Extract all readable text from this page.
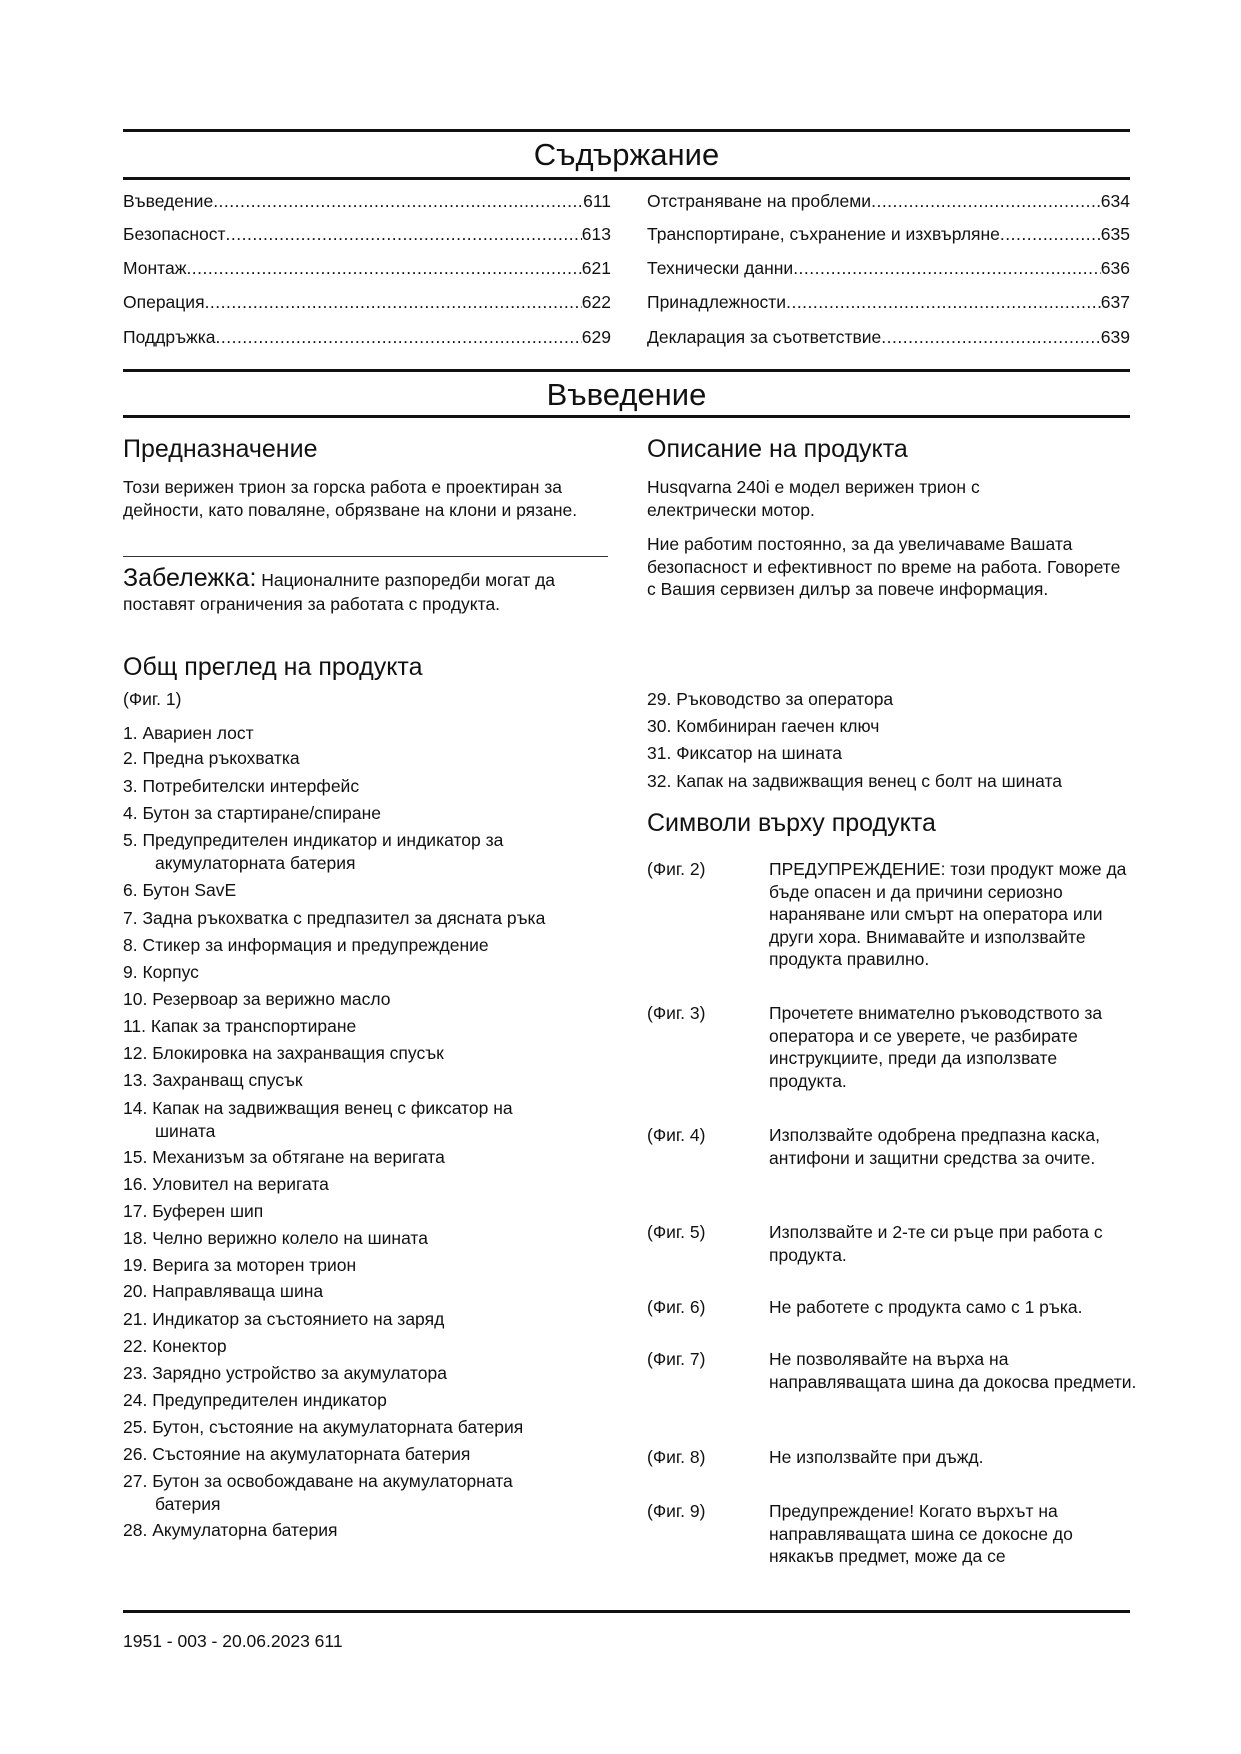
Съдържание
Въведение .....	611
Безопасност .....	613
Монтаж .....	621
Операция .....	622
Поддръжка .....	629
Отстраняване на проблеми .....	634
Транспортиране, съхранение и изхвърляне .....	635
Технически данни .....	636
Принадлежности .....	637
Декларация за съответствие .....	639
Въведение
Предназначение
Този верижен трион за горска работа е проектиран за дейности, като поваляне, обрязване на клони и рязане.
Забележка: Националните разпоредби могат да поставят ограничения за работата с продукта.
Общ преглед на продукта
(Фиг. 1)
1. Авариен лост
2. Предна ръкохватка
3. Потребителски интерфейс
4. Бутон за стартиране/спиране
5. Предупредителен индикатор и индикатор за
акумулаторната батерия
6. Бутон SavE
7. Задна ръкохватка с предпазител за дясната ръка
8. Стикер за информация и предупреждение
9. Корпус
10. Резервоар за верижно масло
11. Капак за транспортиране
12. Блокировка на захранващия спусък
13. Захранващ спусък
14. Капак на задвижващия венец с фиксатор на
шината
15. Механизъм за обтягане на веригата
16. Уловител на веригата
17. Буферен шип
18. Челно верижно колело на шината
19. Верига за моторен трион
20. Направляваща шина
21. Индикатор за състоянието на заряд
22. Конектор
23. Зарядно устройство за акумулатора
24. Предупредителен индикатор
25. Бутон, състояние на акумулаторната батерия
26. Състояние на акумулаторната батерия
27. Бутон за освобождаване на акумулаторната
батерия
28. Акумулаторна батерия
Описание на продукта
Husqvarna 240i е модел верижен трион с електрически мотор.
Ние работим постоянно, за да увеличаваме Вашата безопасност и ефективност по време на работа. Говорете с Вашия сервизен дилър за повече информация.
29. Ръководство за оператора
30. Комбиниран гаечен ключ
31. Фиксатор на шината
32. Капак на задвижващия венец с болт на шината
Символи върху продукта
(Фиг. 2)	ПРЕДУПРЕЖДЕНИЕ: този продукт може да бъде опасен и да причини сериозно нараняване или смърт на оператора или други хора. Внимавайте и използвайте продукта правилно.
(Фиг. 3)	Прочетете внимателно ръководството за оператора и се уверете, че разбирате инструкциите, преди да използвате продукта.
(Фиг. 4)	Използвайте одобрена предпазна каска, антифони и защитни средства за очите.
(Фиг. 5)	Използвайте и 2-те си ръце при работа с продукта.
(Фиг. 6)	Не работете с продукта само с 1 ръка.
(Фиг. 7)	Не позволявайте на върха на направляващата шина да докосва предмети.
(Фиг. 8)	Не използвайте при дъжд.
(Фиг. 9)	Предупреждение! Когато върхът на направляващата шина се докосне до някакъв предмет, може да се
1951 - 003 - 20.06.2023 611
